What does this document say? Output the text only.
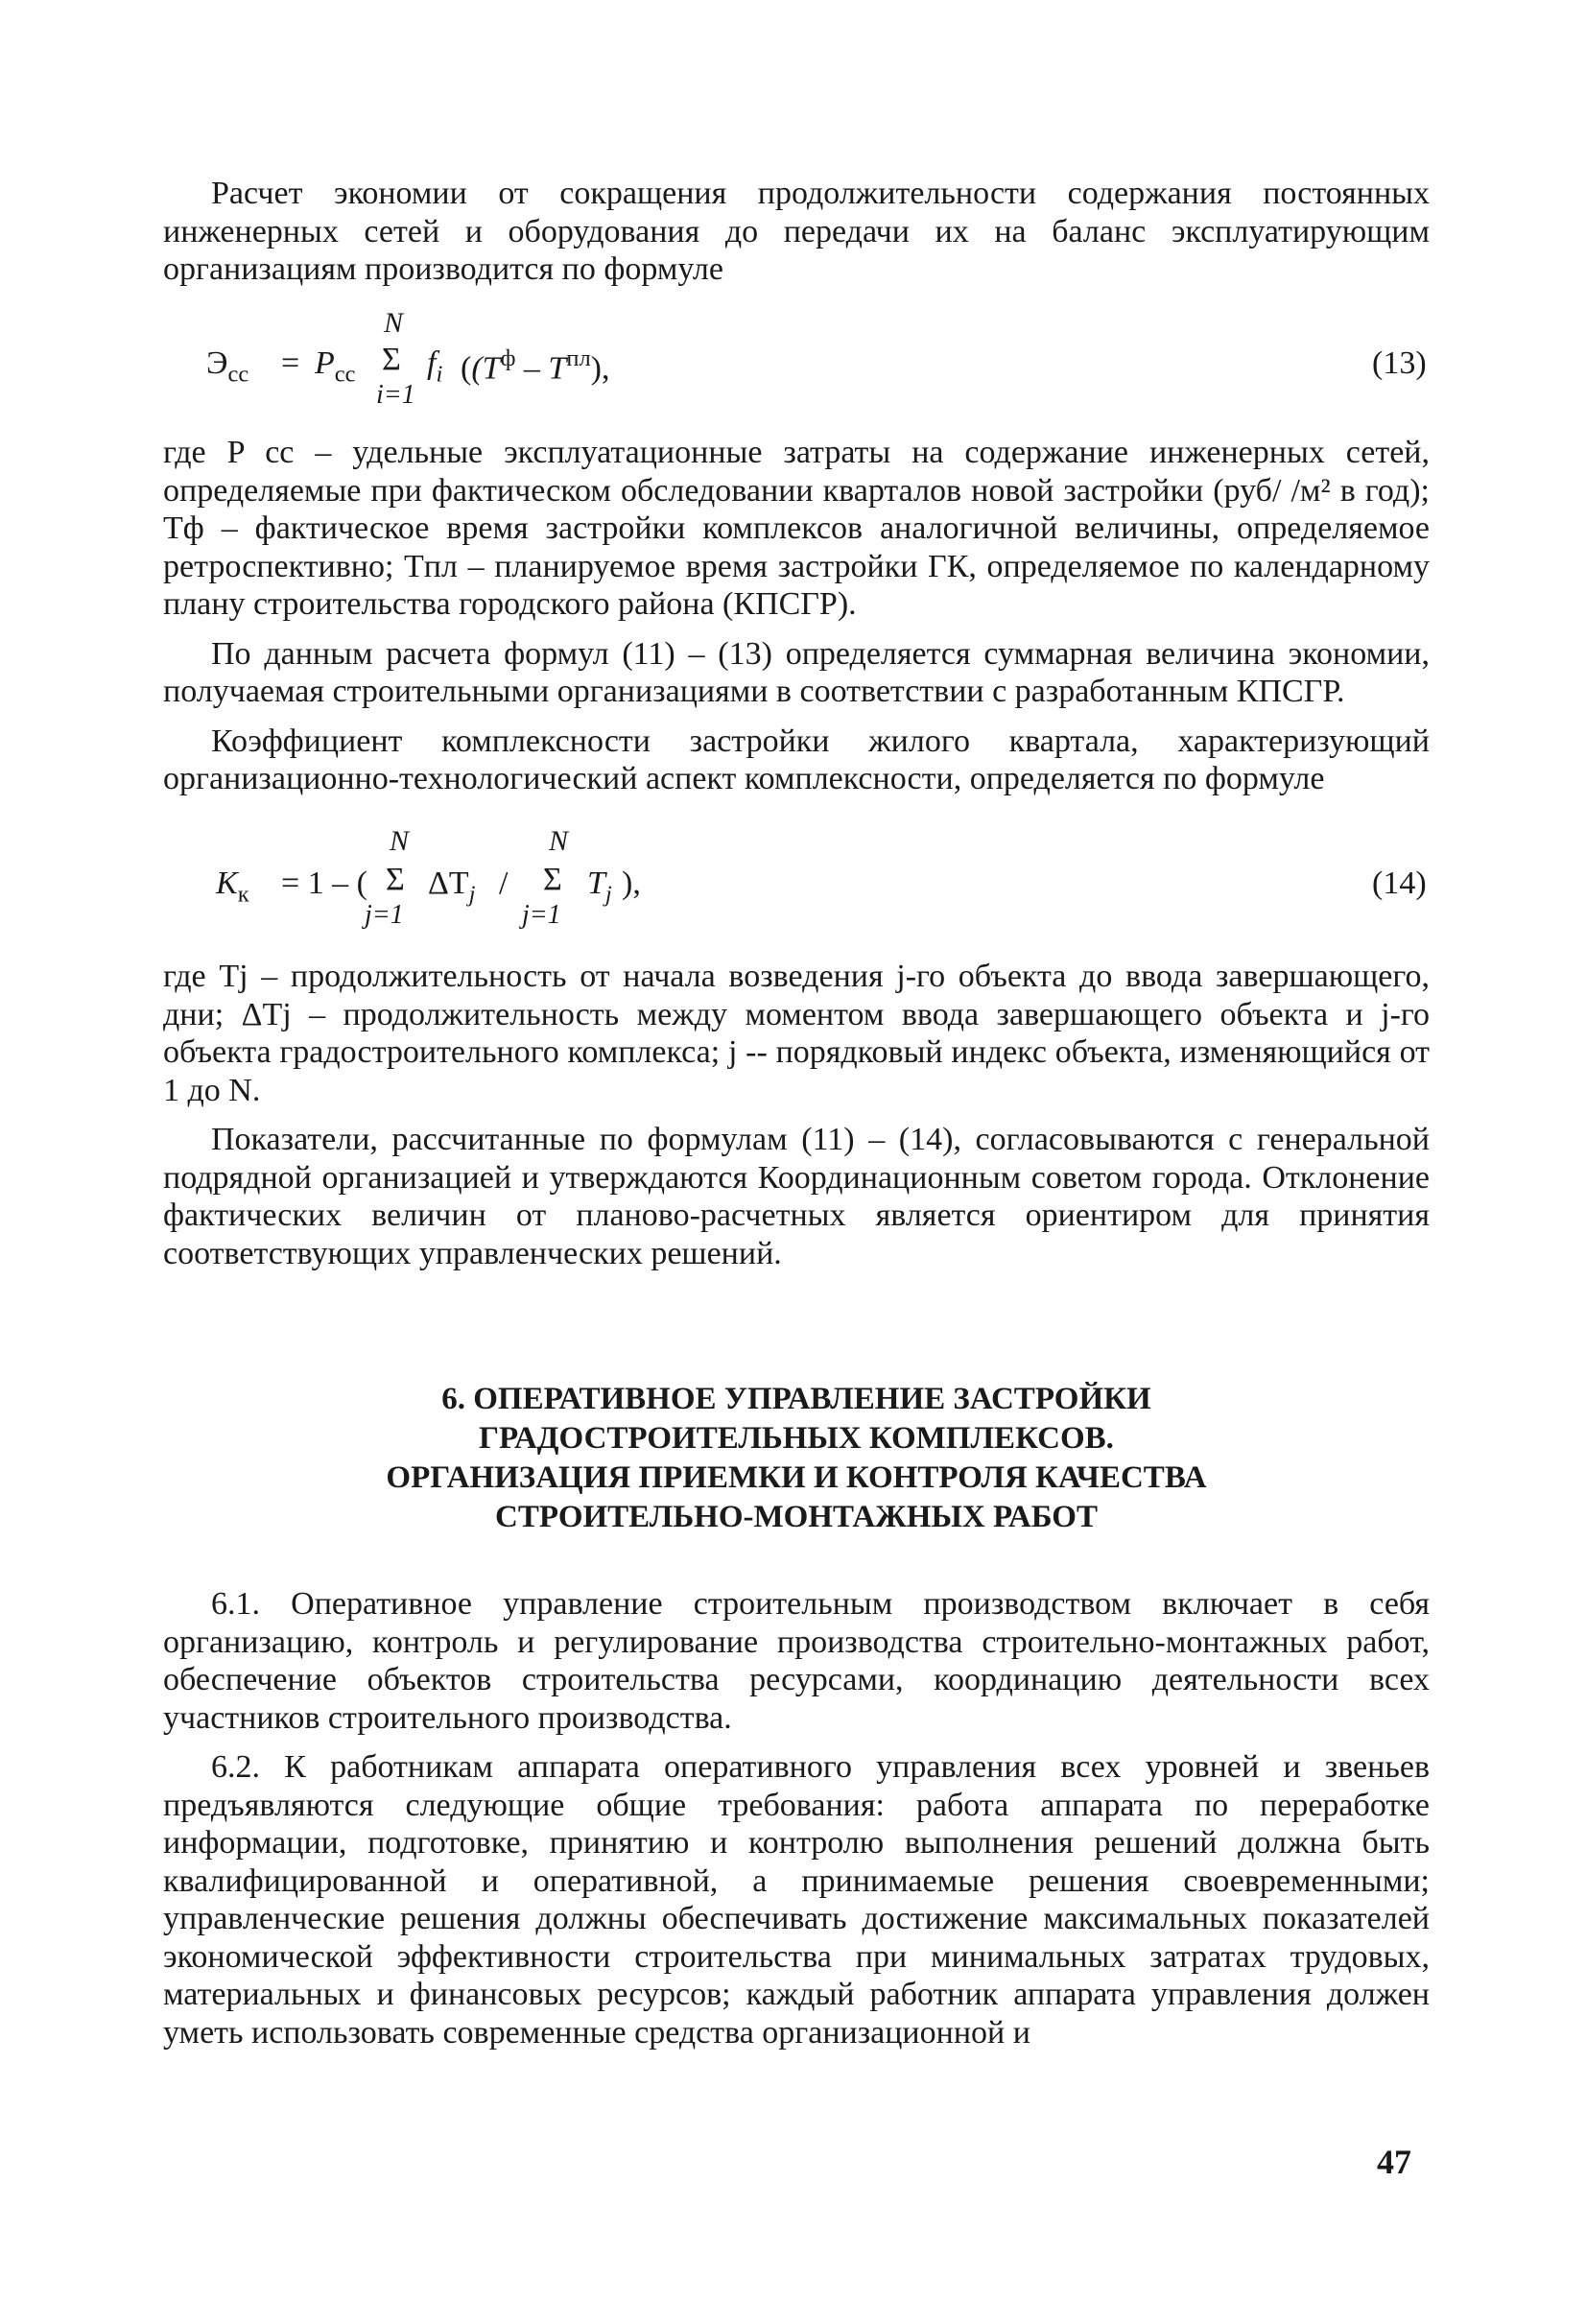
Расчет экономии от сокращения продолжительности содержания постоянных инженерных сетей и оборудования до передачи их на баланс эксплуатирующим организациям производится по формуле

$Э_{сс} = P_{сс}$
N
Σ
i=1
$f_i$ ($(T^ф - T^{пл})$,	(13)

где P сс – удельные эксплуатационные затраты на содержание инженерных сетей, определяемые при фактическом обследовании кварталов новой застройки (руб/ /м² в год); Tф – фактическое время застройки комплексов аналогичной величины, определяемое ретроспективно; Tпл – планируемое время застройки ГК, определяемое по календарному плану строительства городского района (КПСГР).

По данным расчета формул (11) – (13) определяется суммарная величина экономии, получаемая строительными организациями в соответствии с разработанным КПСГР.

Коэффициент комплексности застройки жилого квартала, характеризующий организационно-технологический аспект комплексности, определяется по формуле

$K_к = 1$ – (
N
Σ
j=1
$\Delta T_j$ /
N
Σ
j=1
$T_j$ ),	(14)

где Tj – продолжительность от начала возведения j-го объекта до ввода завершающего, дни; ΔTj – продолжительность между моментом ввода завершающего объекта и j-го объекта градостроительного комплекса; j -- порядковый индекс объекта, изменяющийся от 1 до N.

Показатели, рассчитанные по формулам (11) – (14), согласовываются с генеральной подрядной организацией и утверждаются Координационным советом города. Отклонение фактических величин от планово-расчетных является ориентиром для принятия соответствующих управленческих решений.

6. ОПЕРАТИВНОЕ УПРАВЛЕНИЕ ЗАСТРОЙКИ
ГРАДОСТРОИТЕЛЬНЫХ КОМПЛЕКСОВ.
ОРГАНИЗАЦИЯ ПРИЕМКИ И КОНТРОЛЯ КАЧЕСТВА
СТРОИТЕЛЬНО-МОНТАЖНЫХ РАБОТ

6.1. Оперативное управление строительным производством включает в себя организацию, контроль и регулирование производства строительно-монтажных работ, обеспечение объектов строительства ресурсами, координацию деятельности всех участников строительного производства.

6.2. К работникам аппарата оперативного управления всех уровней и звеньев предъявляются следующие общие требования: работа аппарата по переработке информации, подготовке, принятию и контролю выполнения решений должна быть квалифицированной и оперативной, а принимаемые решения своевременными; управленческие решения должны обеспечивать достижение максимальных показателей экономической эффективности строительства при минимальных затратах трудовых, материальных и финансовых ресурсов; каждый работник аппарата управления должен уметь использовать современные средства организационной и

47
